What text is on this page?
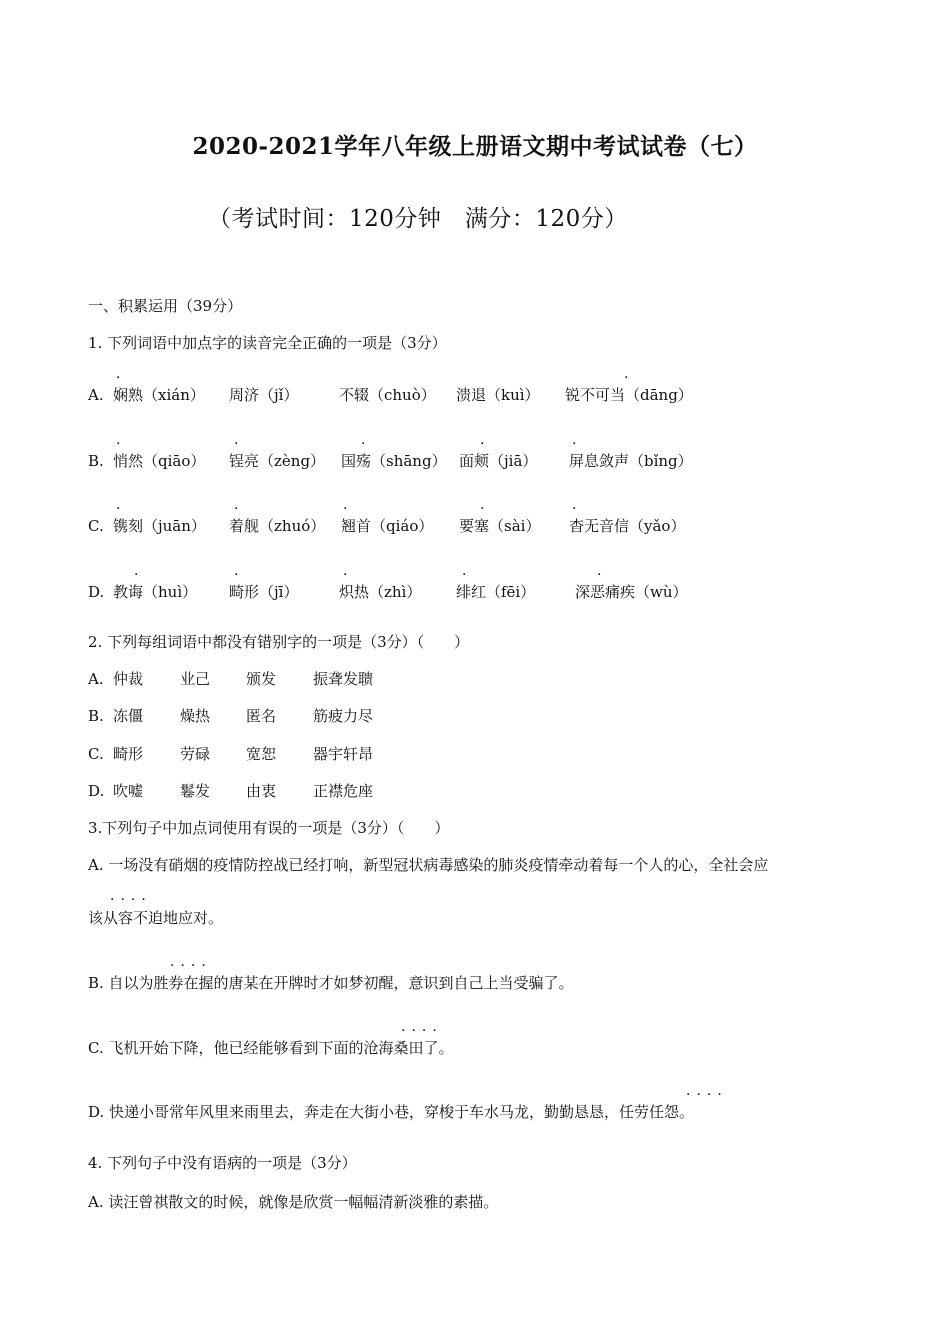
2020-2021学年八年级上册语文期中考试试卷（七）
（考试时间：120分钟　满分：120分）
一、积累运用（39分）
1. 下列词语中加点字的读音完全正确的一项是（3分）
A. 娴熟（xián） 周济（jǐ）	不辍（chuò） 溃退（kuì） 锐不可当（dāng）
·	·
B. 悄然（qiāo） 锃亮（zèng） 国殇（shāng） 面颊（jiā） 屏息敛声（bǐng）
·	·	·	·	·
C. 镌刻（juān） 着舰（zhuó） 翘首（qiáo） 要塞（sài） 杳无音信（yǎo）
·	·	·	·	·
D. 教诲（huì） 畸形（jī）	炽热（zhì） 绯红（fēi）	深恶痛疾（wù）
·	·	·	·	·
2. 下列每组词语中都没有错别字的一项是（3分）（　　）
A. 仲裁 业己 颁发 振聋发聩
B. 冻僵 燥热 匿名 筋疲力尽
C. 畸形 劳碌 宽恕 器宇轩昂
D. 吹嘘 鬈发 由衷 正襟危座
3.下列句子中加点词使用有误的一项是（3分）（　　）
A. 一场没有硝烟的疫情防控战已经打响，新型冠状病毒感染的肺炎疫情牵动着每一个人的心，全社会应
····
该从容不迫地应对。
····
B. 自以为胜券在握的唐某在开牌时才如梦初醒，意识到自己上当受骗了。
····
C. 飞机开始下降，他已经能够看到下面的沧海桑田了。
····
D. 快递小哥常年风里来雨里去，奔走在大街小巷，穿梭于车水马龙，勤勤恳恳，任劳任怨。
4. 下列句子中没有语病的一项是（3分）
A. 读汪曾祺散文的时候，就像是欣赏一幅幅清新淡雅的素描。
